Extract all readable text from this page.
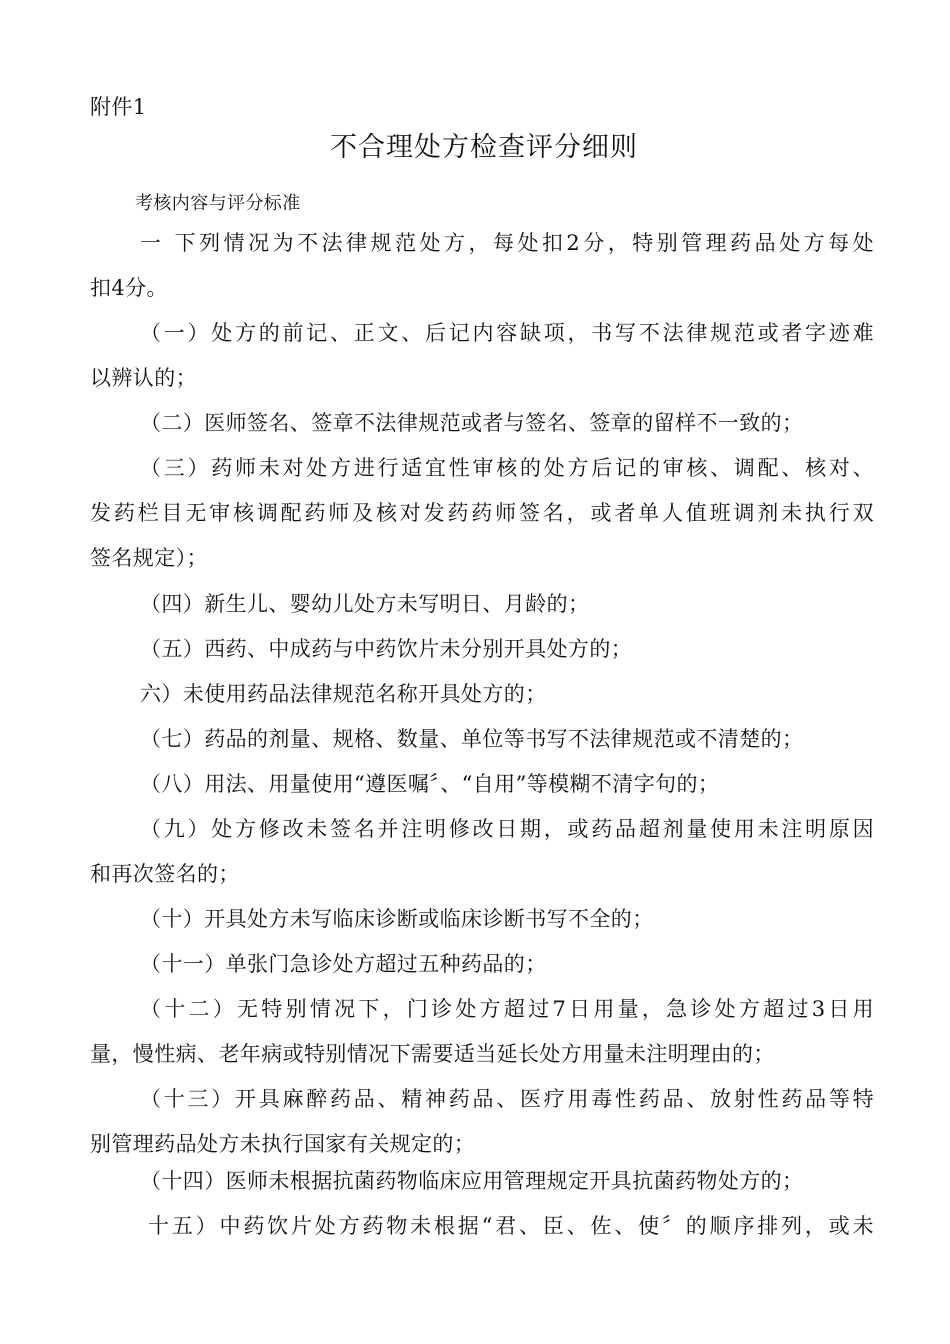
附件1

不合理处方检查评分细则

考核内容与评分标准

一 下列情况为不法律规范处方，每处扣2分，特别管理药品处方每处

扣4分。

（一）处方的前记、正文、后记内容缺项，书写不法律规范或者字迹难

以辨认的；

（二）医师签名、签章不法律规范或者与签名、签章的留样不一致的；

（三）药师未对处方进行适宜性审核的处方后记的审核、调配、核对、

发药栏目无审核调配药师及核对发药药师签名，或者单人值班调剂未执行双

签名规定）；

（四）新生儿、婴幼儿处方未写明日、月龄的；

（五）西药、中成药与中药饮片未分别开具处方的；

六）未使用药品法律规范名称开具处方的；

（七）药品的剂量、规格、数量、单位等书写不法律规范或不清楚的；

（八）用法、用量使用“遵医嘱〞、“自用”等模糊不清字句的；

（九）处方修改未签名并注明修改日期，或药品超剂量使用未注明原因

和再次签名的；

（十）开具处方未写临床诊断或临床诊断书写不全的；

（十一）单张门急诊处方超过五种药品的；

（十二）无特别情况下，门诊处方超过7日用量，急诊处方超过3日用

量，慢性病、老年病或特别情况下需要适当延长处方用量未注明理由的；

（十三）开具麻醉药品、精神药品、医疗用毒性药品、放射性药品等特

别管理药品处方未执行国家有关规定的；

（十四）医师未根据抗菌药物临床应用管理规定开具抗菌药物处方的；

十五）中药饮片处方药物未根据“君、臣、佐、使〞的顺序排列，或未
